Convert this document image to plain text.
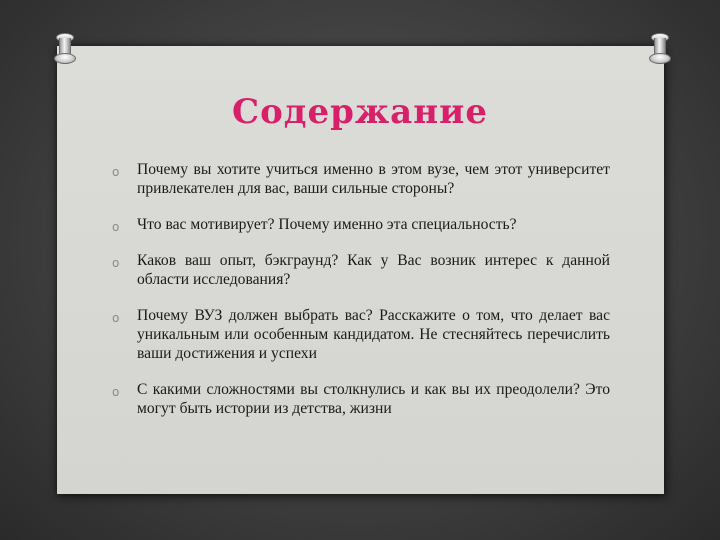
Содержание
o Почему вы хотите учиться именно в этом вузе, чем этот университет привлекателен для вас, ваши сильные стороны?
o Что вас мотивирует? Почему именно эта специальность?
o Каков ваш опыт, бэкграунд? Как у Вас возник интерес к данной области исследования?
o Почему ВУЗ должен выбрать вас? Расскажите о том, что делает вас уникальным или особенным кандидатом. Не стесняйтесь перечислить ваши достижения и успехи
o С какими сложностями вы столкнулись и как вы их преодолели? Это могут быть истории из детства, жизни
